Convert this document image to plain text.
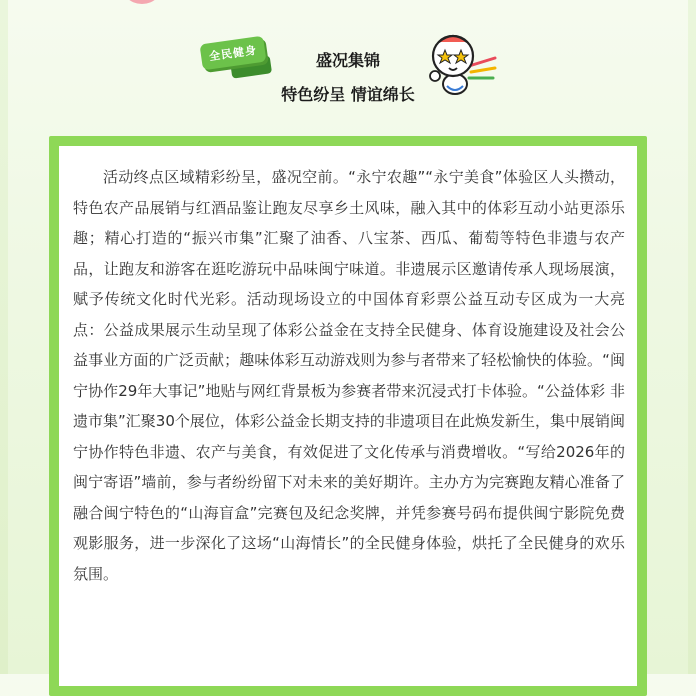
全民健身	盛况集锦
特色纷呈 情谊绵长

活动终点区域精彩纷呈，盛况空前。“永宁农趣”“永宁美食”体验区人头攒动，特色农产品展销与红酒品鉴让跑友尽享乡土风味，融入其中的体彩互动小站更添乐趣；精心打造的“振兴市集”汇聚了油香、八宝茶、西瓜、葡萄等特色非遗与农产品，让跑友和游客在逛吃游玩中品味闽宁味道。非遗展示区邀请传承人现场展演，赋予传统文化时代光彩。活动现场设立的中国体育彩票公益互动专区成为一大亮点：公益成果展示生动呈现了体彩公益金在支持全民健身、体育设施建设及社会公益事业方面的广泛贡献；趣味体彩互动游戏则为参与者带来了轻松愉快的体验。“闽宁协作29年大事记”地贴与网红背景板为参赛者带来沉浸式打卡体验。“公益体彩 非遗市集”汇聚30个展位，体彩公益金长期支持的非遗项目在此焕发新生，集中展销闽宁协作特色非遗、农产与美食，有效促进了文化传承与消费增收。“写给2026年的闽宁寄语”墙前，参与者纷纷留下对未来的美好期许。主办方为完赛跑友精心准备了融合闽宁特色的“山海盲盒”完赛包及纪念奖牌，并凭参赛号码布提供闽宁影院免费观影服务，进一步深化了这场“山海情长”的全民健身体验，烘托了全民健身的欢乐氛围。
